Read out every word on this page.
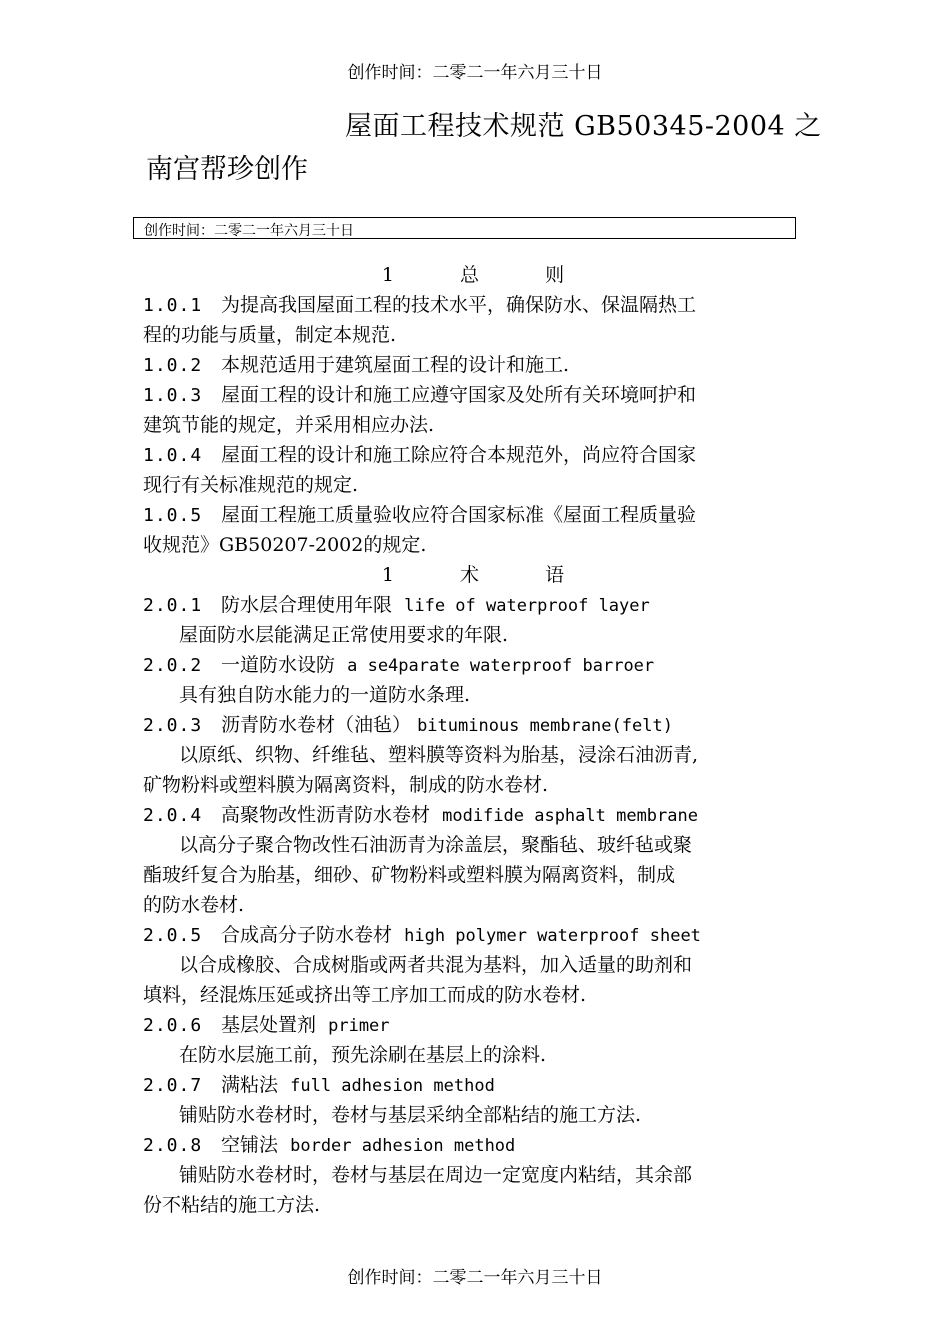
创作时间：二零二一年六月三十日
屋面工程技术规范 GB50345-2004 之
南宫帮珍创作
创作时间：二零二一年六月三十日
1 总 则
1.0.1 为提高我国屋面工程的技术水平，确保防水、保温隔热工
程的功能与质量，制定本规范.
1.0.2 本规范适用于建筑屋面工程的设计和施工.
1.0.3 屋面工程的设计和施工应遵守国家及处所有关环境呵护和
建筑节能的规定，并采用相应办法.
1.0.4 屋面工程的设计和施工除应符合本规范外，尚应符合国家
现行有关标准规范的规定.
1.0.5 屋面工程施工质量验收应符合国家标准《屋面工程质量验
收规范》GB50207-2002的规定.
1 术 语
2.0.1 防水层合理使用年限 life of waterproof layer
屋面防水层能满足正常使用要求的年限.
2.0.2 一道防水设防 a se4parate waterproof barroer
具有独自防水能力的一道防水条理.
2.0.3 沥青防水卷材（油毡） bituminous membrane(felt)
以原纸、织物、纤维毡、塑料膜等资料为胎基，浸涂石油沥青,
矿物粉料或塑料膜为隔离资料，制成的防水卷材.
2.0.4 高聚物改性沥青防水卷材 modifide asphalt membrane
以高分子聚合物改性石油沥青为涂盖层，聚酯毡、玻纤毡或聚
酯玻纤复合为胎基，细砂、矿物粉料或塑料膜为隔离资料，制成
的防水卷材.
2.0.5 合成高分子防水卷材 high polymer waterproof sheet
以合成橡胶、合成树脂或两者共混为基料，加入适量的助剂和
填料，经混炼压延或挤出等工序加工而成的防水卷材.
2.0.6 基层处置剂 primer
在防水层施工前，预先涂刷在基层上的涂料.
2.0.7 满粘法 full adhesion method
铺贴防水卷材时，卷材与基层采纳全部粘结的施工方法.
2.0.8 空铺法 border adhesion method
铺贴防水卷材时，卷材与基层在周边一定宽度内粘结，其余部
份不粘结的施工方法.
创作时间：二零二一年六月三十日
